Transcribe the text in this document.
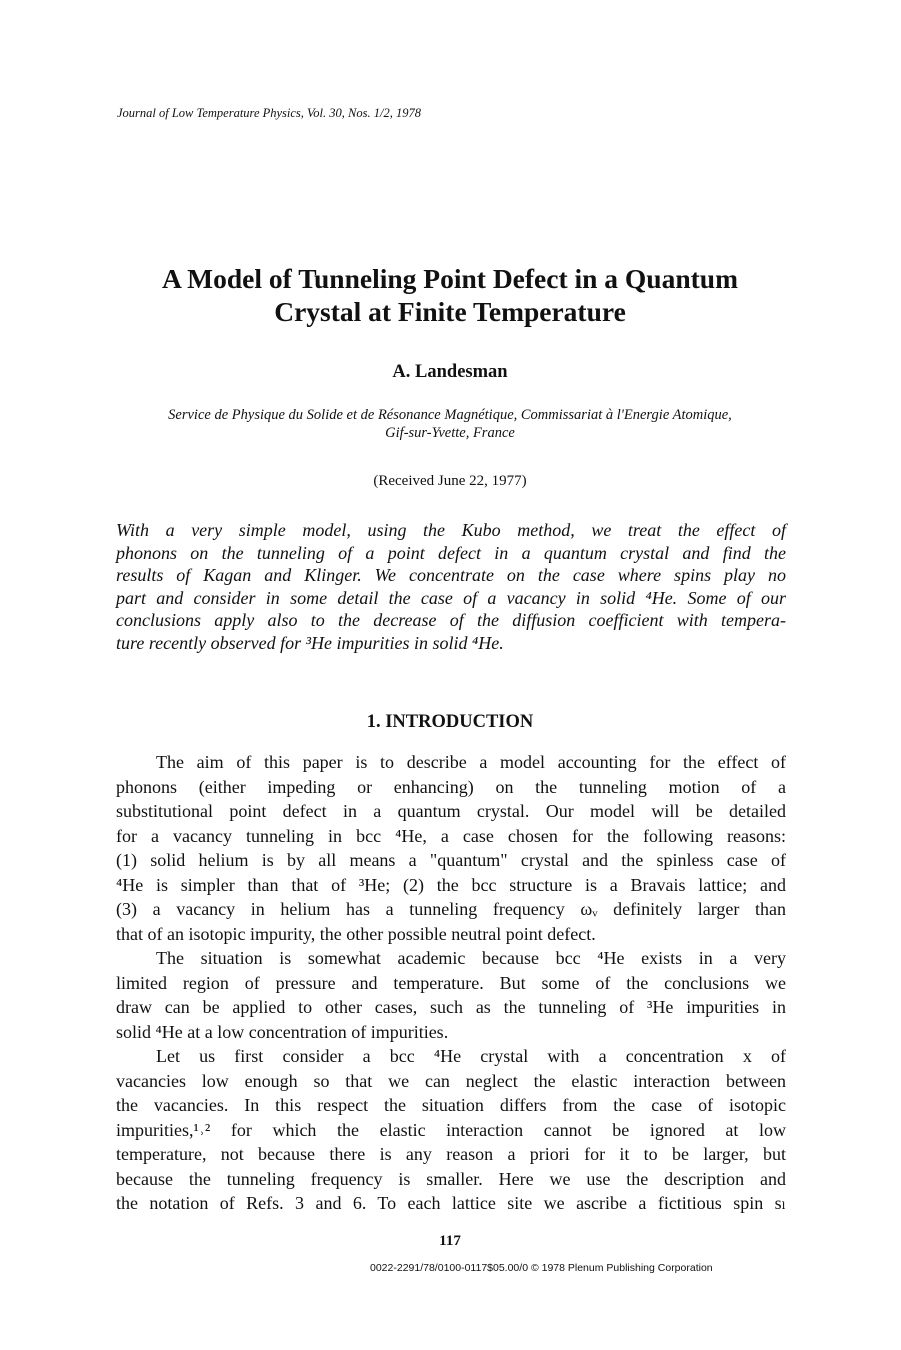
Journal of Low Temperature Physics, Vol. 30, Nos. 1/2, 1978
A Model of Tunneling Point Defect in a Quantum
Crystal at Finite Temperature
A. Landesman
Service de Physique du Solide et de Résonance Magnétique, Commissariat à l'Energie Atomique,
Gif-sur-Yvette, France
(Received June 22, 1977)
With a very simple model, using the Kubo method, we treat the effect of
phonons on the tunneling of a point defect in a quantum crystal and find the
results of Kagan and Klinger. We concentrate on the case where spins play no
part and consider in some detail the case of a vacancy in solid ⁴He. Some of our
conclusions apply also to the decrease of the diffusion coefficient with tempera-
ture recently observed for ³He impurities in solid ⁴He.
1. INTRODUCTION
The aim of this paper is to describe a model accounting for the effect of
phonons (either impeding or enhancing) on the tunneling motion of a
substitutional point defect in a quantum crystal. Our model will be detailed
for a vacancy tunneling in bcc ⁴He, a case chosen for the following reasons:
(1) solid helium is by all means a "quantum" crystal and the spinless case of
⁴He is simpler than that of ³He; (2) the bcc structure is a Bravais lattice; and
(3) a vacancy in helium has a tunneling frequency ωᵥ definitely larger than
that of an isotopic impurity, the other possible neutral point defect.
The situation is somewhat academic because bcc ⁴He exists in a very
limited region of pressure and temperature. But some of the conclusions we
draw can be applied to other cases, such as the tunneling of ³He impurities in
solid ⁴He at a low concentration of impurities.
Let us first consider a bcc ⁴He crystal with a concentration x of
vacancies low enough so that we can neglect the elastic interaction between
the vacancies. In this respect the situation differs from the case of isotopic
impurities,¹˒² for which the elastic interaction cannot be ignored at low
temperature, not because there is any reason a priori for it to be larger, but
because the tunneling frequency is smaller. Here we use the description and
the notation of Refs. 3 and 6. To each lattice site we ascribe a fictitious spin sₗ
117
0022-2291/78/0100-0117$05.00/0 © 1978 Plenum Publishing Corporation
